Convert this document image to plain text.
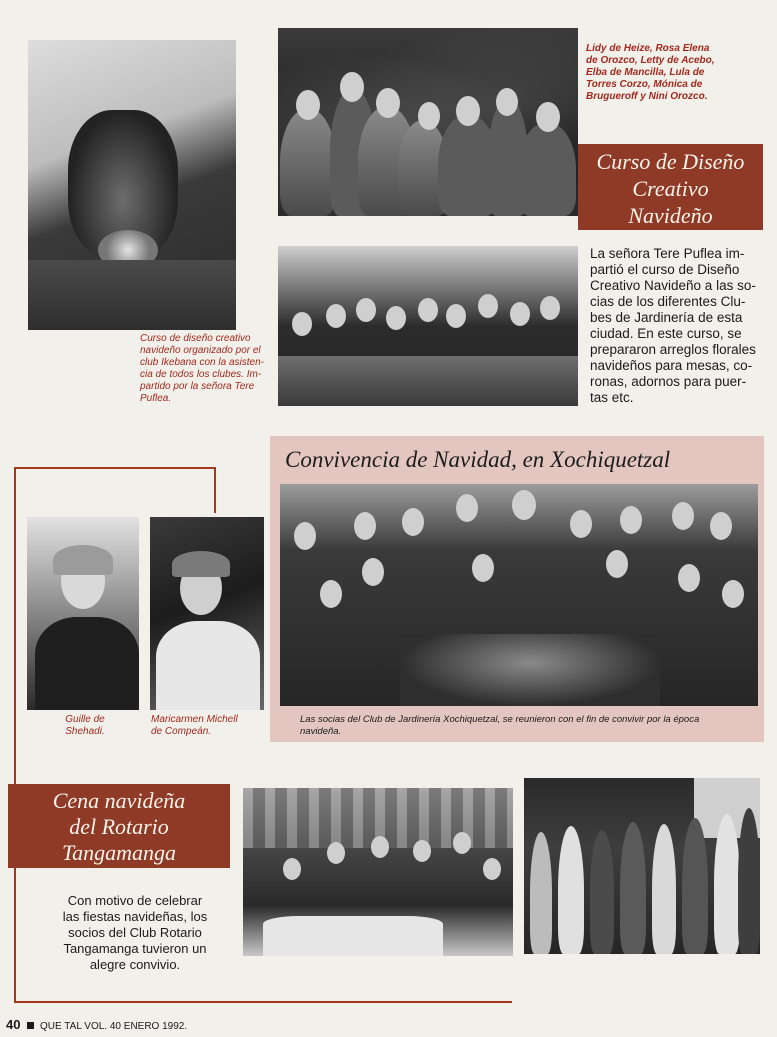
Lidy de Heize, Rosa Elena
de Orozco, Letty de Acebo,
Elba de Mancilla, Lula de
Torres Corzo, Mónica de
Brugueroff y Nini Orozco.
Curso de Diseño
Creativo
Navideño
Curso de diseño creativo
navideño organizado por el
club Ikebana con la asisten-
cia de todos los clubes. Im-
partido por la señora Tere
Puflea.
La señora Tere Puflea im-
partió el curso de Diseño
Creativo Navideño a las so-
cias de los diferentes Clu-
bes de Jardinería de esta
ciudad. En este curso, se
prepararon arreglos florales
navideños para mesas, co-
ronas, adornos para puer-
tas etc.
Convivencia de Navidad, en Xochiquetzal
Las socias del Club de Jardinería Xochiquetzal, se reunieron con el fin de convivir por la época
navideña.
Guille de
Shehadi.
Maricarmen Michell
de Compeán.
Cena navideña
del Rotario
Tangamanga
Con motivo de celebrar
las fiestas navideñas, los
socios del Club Rotario
Tangamanga tuvieron un
alegre convivio.
40 QUE TAL VOL. 40 ENERO 1992.
